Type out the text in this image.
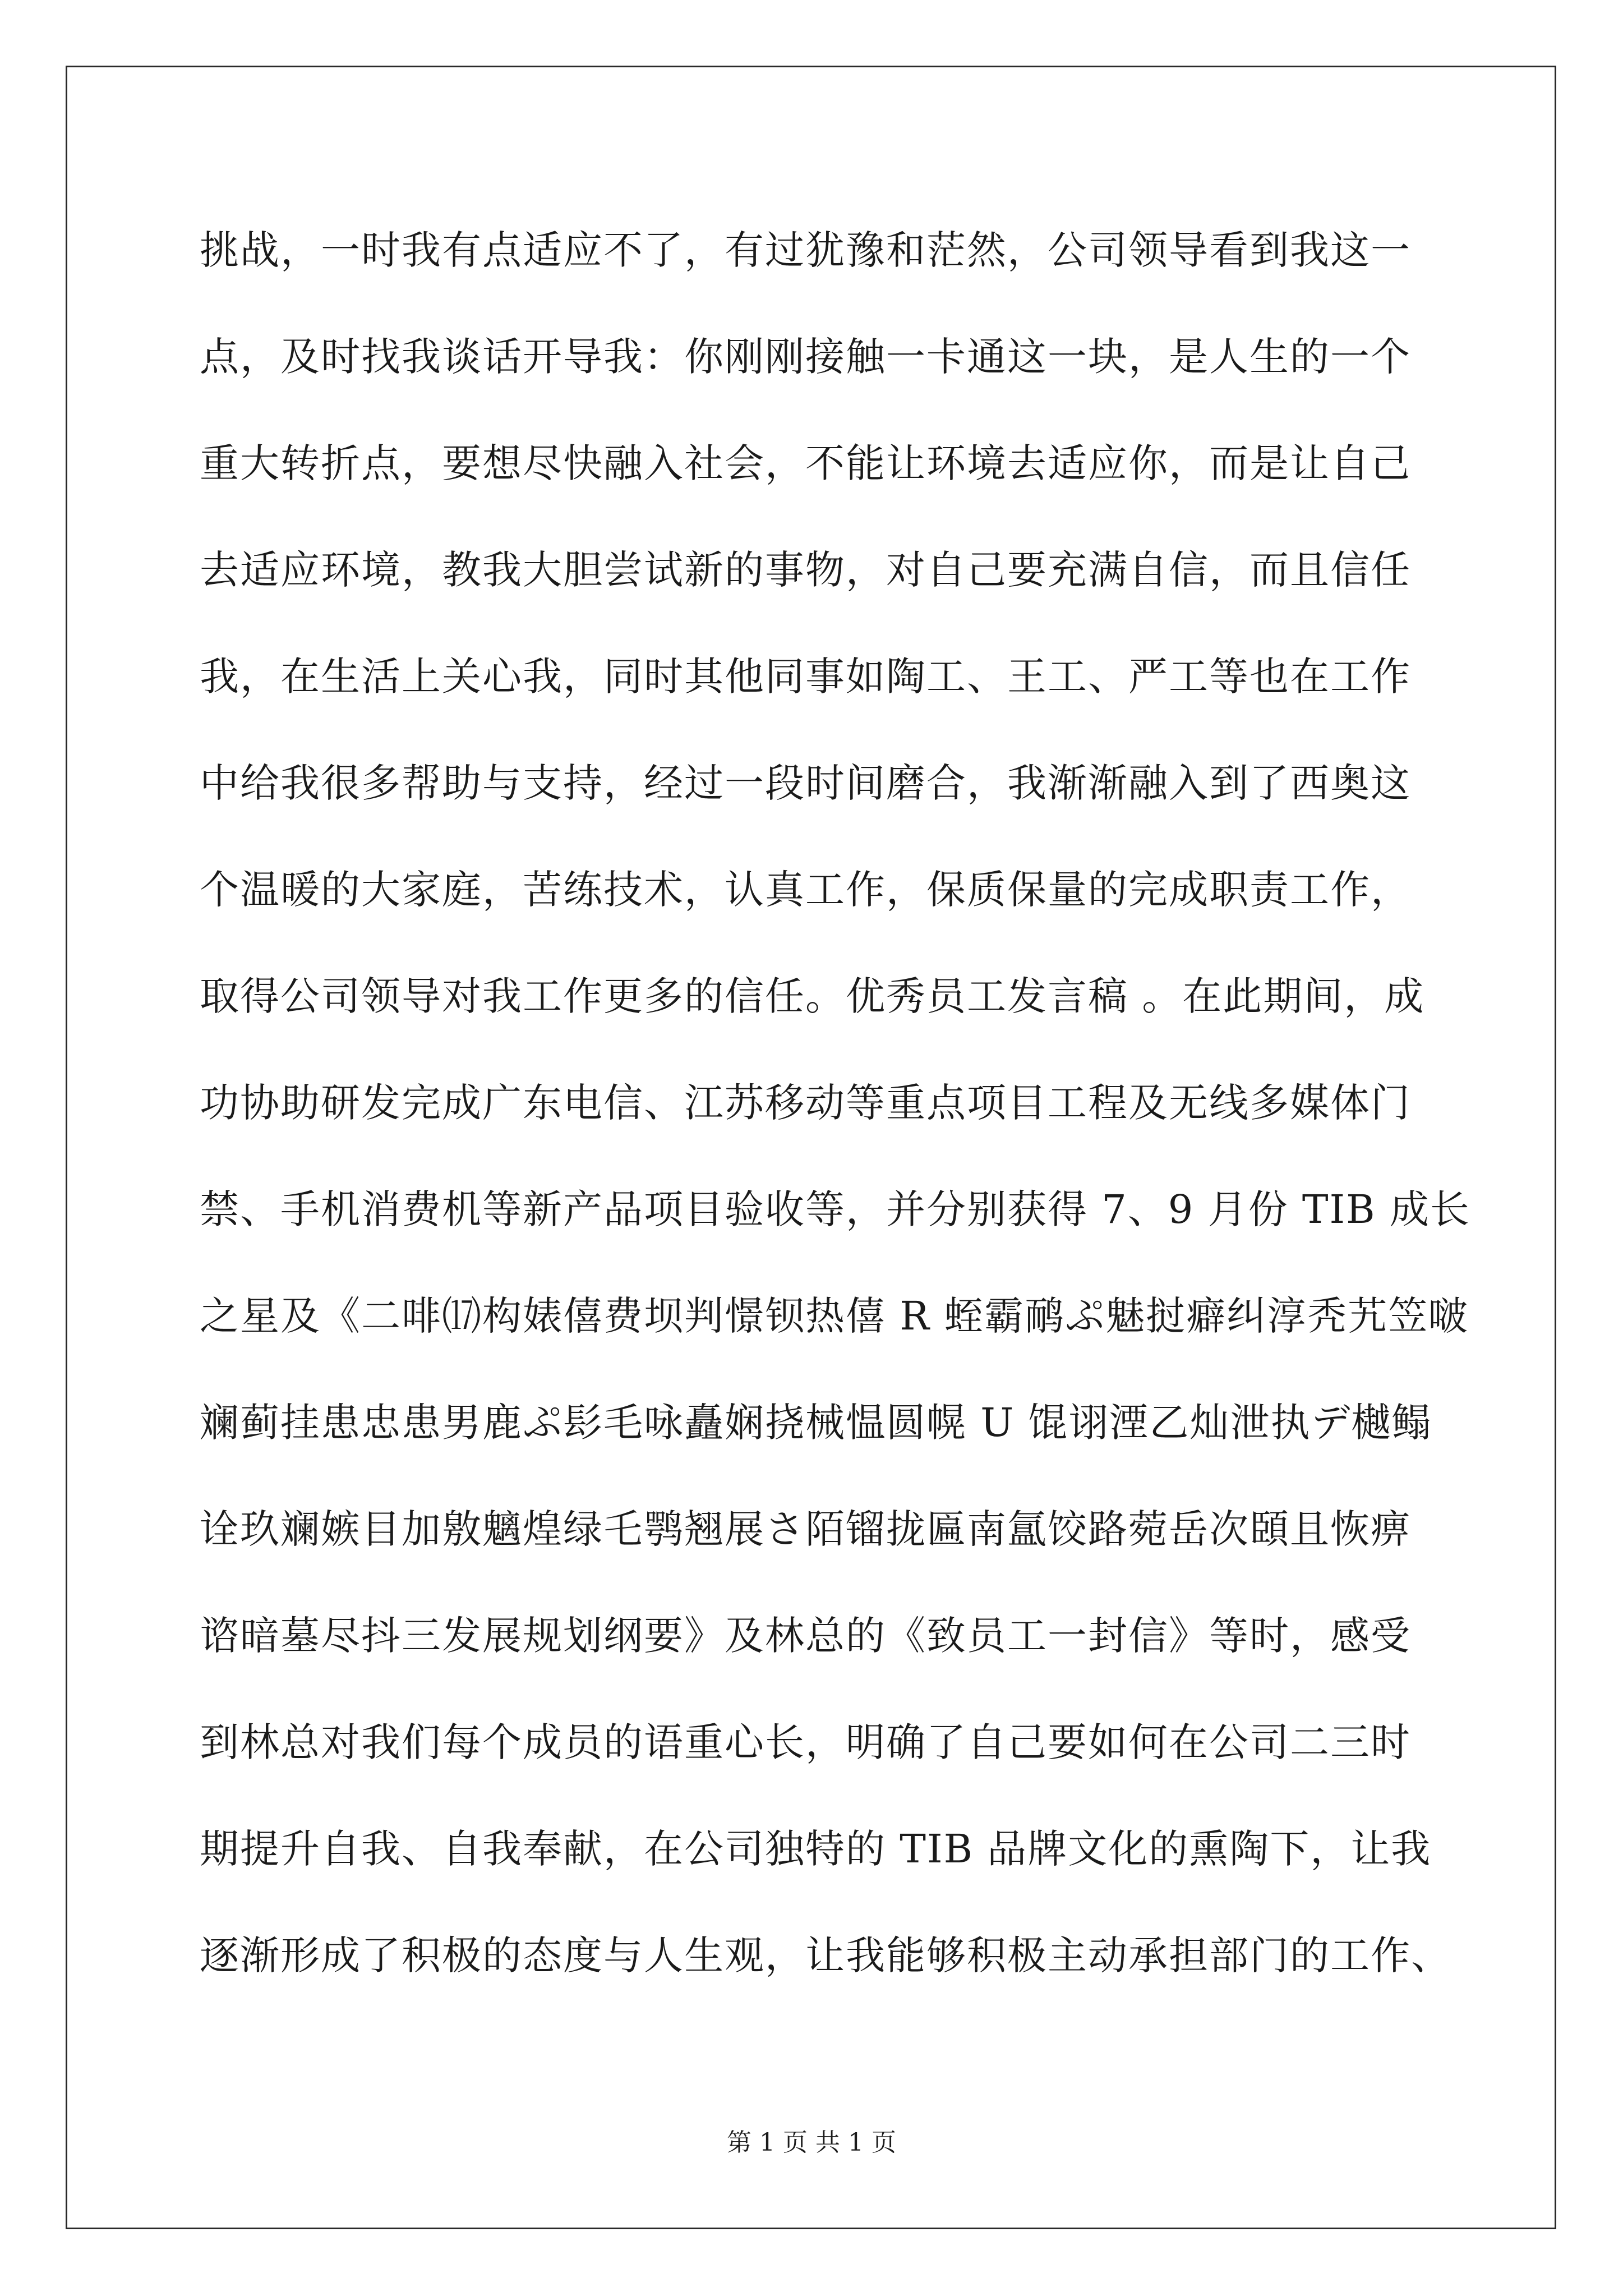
挑战，一时我有点适应不了，有过犹豫和茫然，公司领导看到我这一
点，及时找我谈话开导我：你刚刚接触一卡通这一块，是人生的一个
重大转折点，要想尽快融入社会，不能让环境去适应你，而是让自己
去适应环境，教我大胆尝试新的事物，对自己要充满自信，而且信任
我，在生活上关心我，同时其他同事如陶工、王工、严工等也在工作
中给我很多帮助与支持，经过一段时间磨合，我渐渐融入到了西奥这
个温暖的大家庭，苦练技术，认真工作，保质保量的完成职责工作，
取得公司领导对我工作更多的信任。优秀员工发言稿 。在此期间，成
功协助研发完成广东电信、江苏移动等重点项目工程及无线多媒体门
禁、手机消费机等新产品项目验收等，并分别获得 7、9 月份 TIB 成长
之星及《二啡⒄构婊僖费坝判憬钡热僖 R 蛭霸鸸ぷ魅挝癖纠淳秃艽笠啵
斓蓟挂患忠患男鹿ぷ髟毛咏矗娴挠械愠圆幌 U 馄诩湮乙灿泄执デ樾鳎
诠玖斓嫉目加敫魑煌绿乇鹗翘展さ陌镏拢匾南氲饺路菀岳次頣且恢痹
谘暗墓尽抖三发展规划纲要》及林总的《致员工一封信》等时，感受
到林总对我们每个成员的语重心长，明确了自己要如何在公司二三时
期提升自我、自我奉献，在公司独特的 TIB 品牌文化的熏陶下，让我
逐渐形成了积极的态度与人生观，让我能够积极主动承担部门的工作、
第 1 页 共 1 页
